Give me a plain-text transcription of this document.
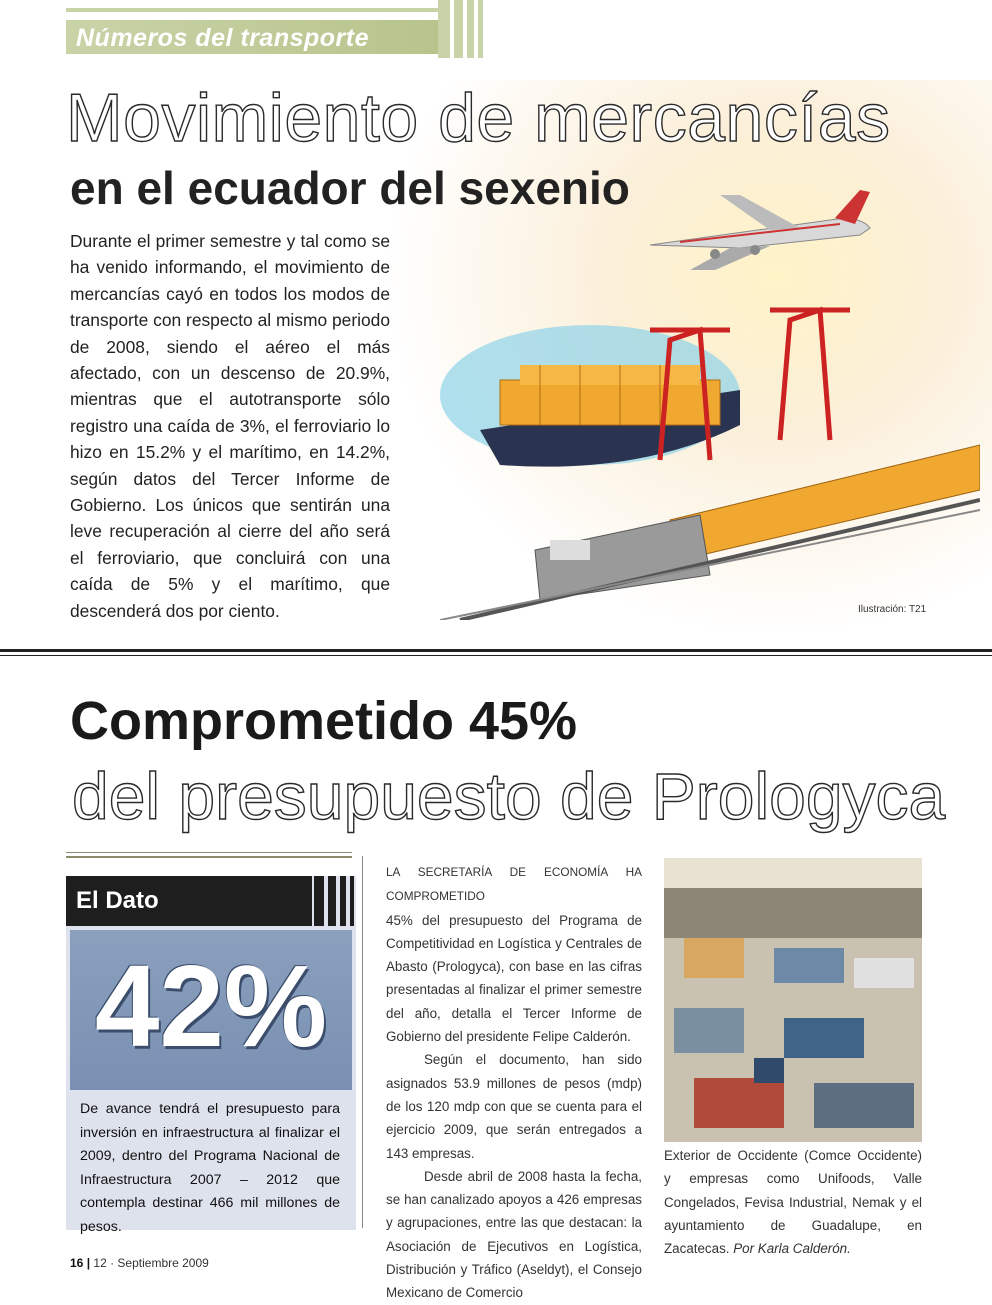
Números del transporte
Movimiento de mercancías
en el ecuador del sexenio
Durante el primer semestre y tal como se ha venido informando, el movimiento de mercancías cayó en todos los modos de transporte con respecto al mismo periodo de 2008, siendo el aéreo el más afectado, con un descenso de 20.9%, mientras que el autotransporte sólo registro una caída de 3%, el ferroviario lo hizo en 15.2% y el marítimo, en 14.2%, según datos del Tercer Informe de Gobierno. Los únicos que sentirán una leve recuperación al cierre del año será el ferroviario, que concluirá con una caída de 5% y el marítimo, que descenderá dos por ciento.	Ilustración: T21
Comprometido 45%
del presupuesto de Prologyca
El Dato
42%
De avance tendrá el presupuesto para inversión en infraestructura al finalizar el 2009, dentro del Programa Nacional de Infraestructura 2007 – 2012 que contempla destinar 466 mil millones de pesos.

LA SECRETARÍA DE ECONOMÍA HA COMPROMETIDO

45% del presupuesto del Programa de Competitividad en Logística y Centrales de Abasto (Prologyca), con base en las cifras presentadas al finalizar el primer semestre del año, detalla el Tercer Informe de Gobierno del presidente Felipe Calderón.

Según el documento, han sido asignados 53.9 millones de pesos (mdp) de los 120 mdp con que se cuenta para el ejercicio 2009, que serán entregados a 143 empresas.

Desde abril de 2008 hasta la fecha, se han canalizado apoyos a 426 empresas y agrupaciones, entre las que destacan: la Asociación de Ejecutivos en Logística, Distribución y Tráfico (Aseldyt), el Consejo Mexicano de Comercio

Exterior de Occidente (Comce Occidente) y empresas como Unifoods, Valle Congelados, Fevisa Industrial, Nemak y el ayuntamiento de Guadalupe, en Zacatecas. Por Karla Calderón.
16 | 12 · Septiembre 2009
